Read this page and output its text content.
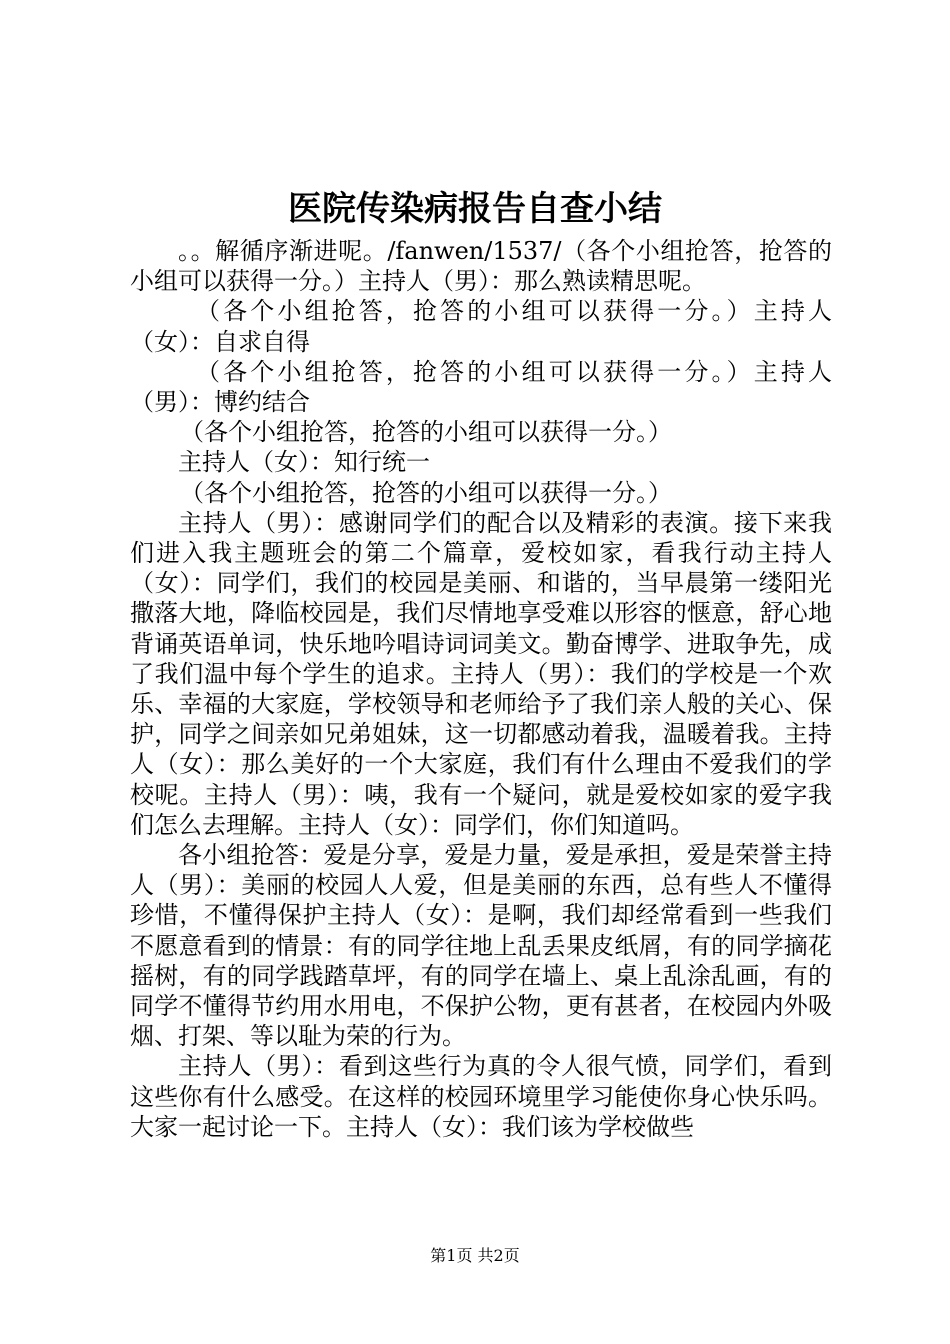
医院传染病报告自查小结

。。解循序渐进呢。/fanwen/1537/（各个小组抢答，抢答的小组可以获得一分。）主持人（男）：那么熟读精思呢。

（各个小组抢答，抢答的小组可以获得一分。）主持人（女）：自求自得

（各个小组抢答，抢答的小组可以获得一分。）主持人（男）：博约结合

（各个小组抢答，抢答的小组可以获得一分。）

主持人（女）：知行统一

（各个小组抢答，抢答的小组可以获得一分。）

主持人（男）：感谢同学们的配合以及精彩的表演。接下来我们进入我主题班会的第二个篇章，爱校如家，看我行动主持人（女）：同学们，我们的校园是美丽、和谐的，当早晨第一缕阳光撒落大地，降临校园是，我们尽情地享受难以形容的惬意，舒心地背诵英语单词，快乐地吟唱诗词词美文。勤奋博学、进取争先，成了我们温中每个学生的追求。主持人（男）：我们的学校是一个欢乐、幸福的大家庭，学校领导和老师给予了我们亲人般的关心、保护，同学之间亲如兄弟姐妹，这一切都感动着我，温暖着我。主持人（女）：那么美好的一个大家庭，我们有什么理由不爱我们的学校呢。主持人（男）：咦，我有一个疑问，就是爱校如家的爱字我们怎么去理解。主持人（女）：同学们，你们知道吗。

各小组抢答：爱是分享，爱是力量，爱是承担，爱是荣誉主持人（男）：美丽的校园人人爱，但是美丽的东西，总有些人不懂得珍惜，不懂得保护主持人（女）：是啊，我们却经常看到一些我们不愿意看到的情景：有的同学往地上乱丢果皮纸屑，有的同学摘花摇树，有的同学践踏草坪，有的同学在墙上、桌上乱涂乱画，有的同学不懂得节约用水用电，不保护公物，更有甚者，在校园内外吸烟、打架、等以耻为荣的行为。

主持人（男）：看到这些行为真的令人很气愤，同学们，看到这些你有什么感受。在这样的校园环境里学习能使你身心快乐吗。大家一起讨论一下。主持人（女）：我们该为学校做些

第1页 共2页
